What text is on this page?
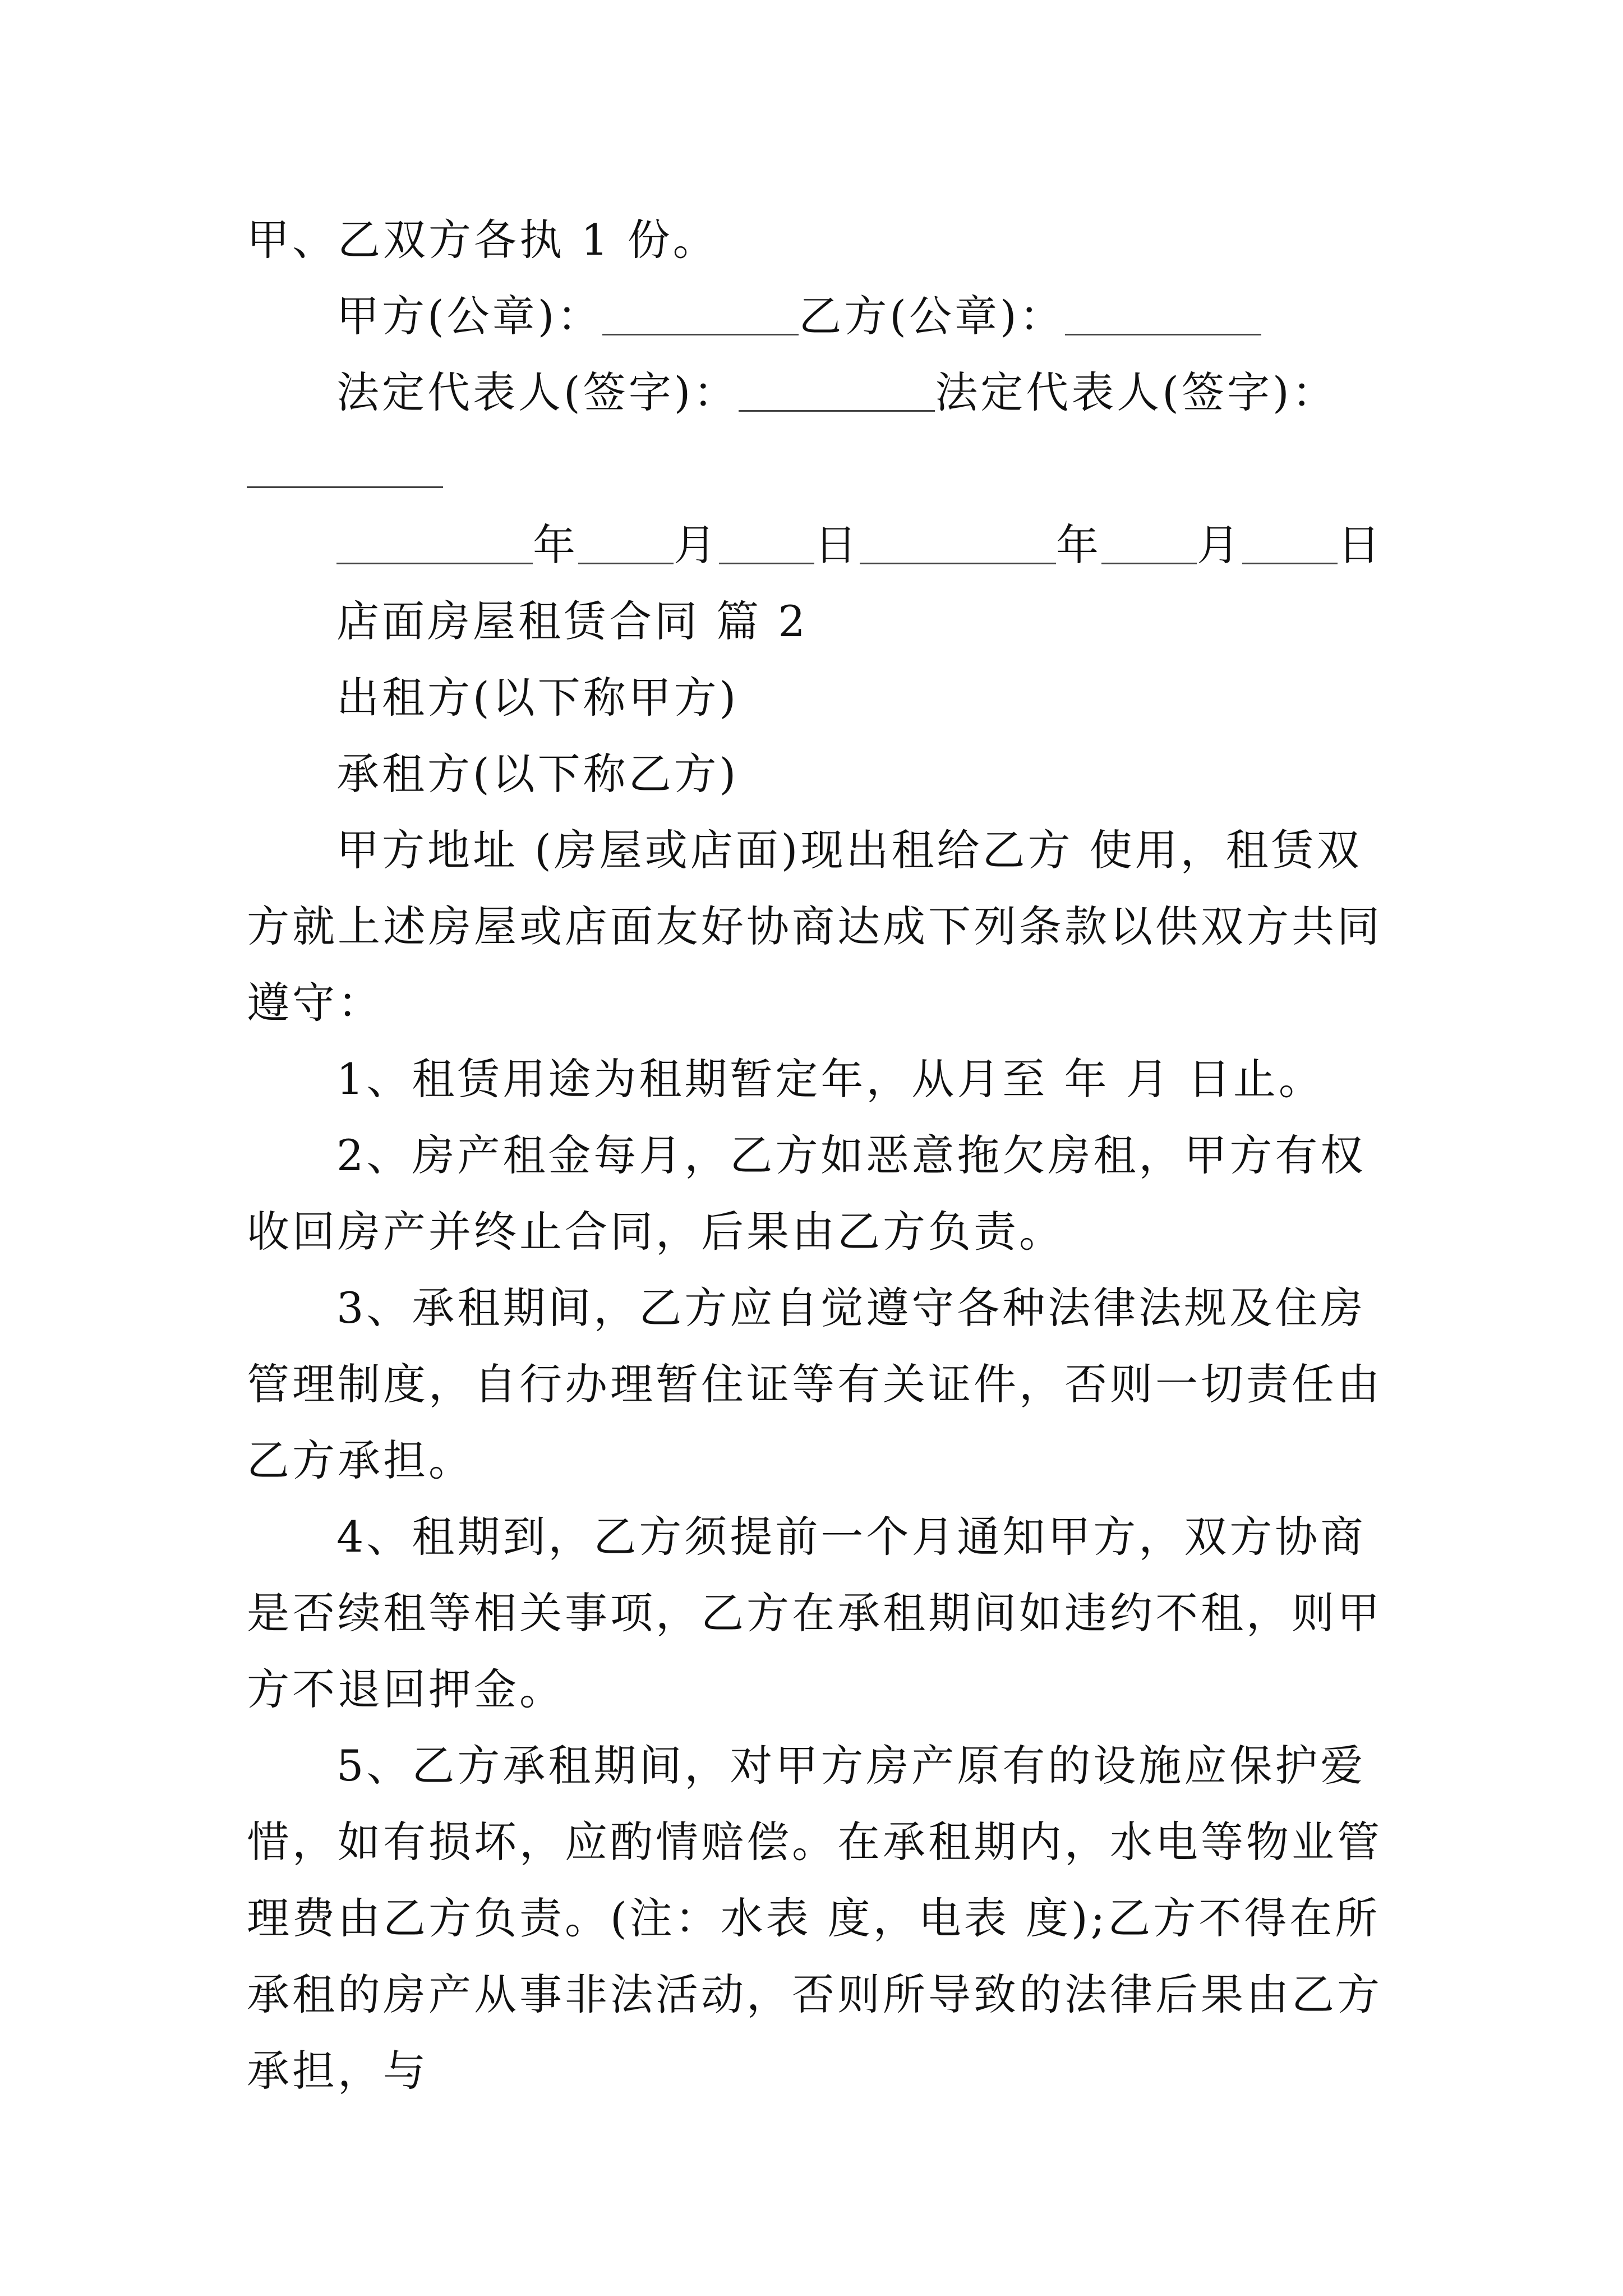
甲、乙双方各执 1 份。

甲方(公章)：	乙方(公章)：

法定代表人(签字)：	法定代表人(签字)：

年 月 日	年 月 日

店面房屋租赁合同 篇 2

出租方(以下称甲方)

承租方(以下称乙方)

甲方地址 (房屋或店面)现出租给乙方 使用，租赁双方就上述房屋或店面友好协商达成下列条款以供双方共同遵守：

1、租赁用途为租期暂定年，从月至 年 月 日止。

2、房产租金每月，乙方如恶意拖欠房租，甲方有权收回房产并终止合同，后果由乙方负责。

3、承租期间，乙方应自觉遵守各种法律法规及住房管理制度，自行办理暂住证等有关证件，否则一切责任由乙方承担。

4、租期到，乙方须提前一个月通知甲方，双方协商是否续租等相关事项，乙方在承租期间如违约不租，则甲方不退回押金。

5、乙方承租期间，对甲方房产原有的设施应保护爱惜，如有损坏，应酌情赔偿。在承租期内，水电等物业管理费由乙方负责。(注：水表 度，电表 度);乙方不得在所承租的房产从事非法活动，否则所导致的法律后果由乙方承担，与
